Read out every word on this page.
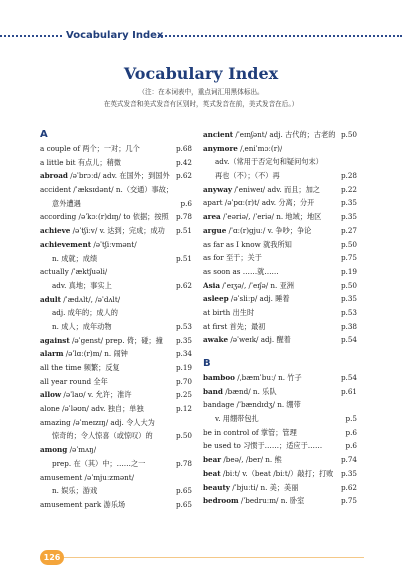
Vocabulary Index
Vocabulary Index
（注：在本词表中，重点词汇用黑体标出。
在英式发音和美式发音有区别时，英式发音在前，美式发音在后。）
A
a couple of 两个；一对；几个	p.68
a little bit 有点儿；稍微	p.42
abroad /əˈbrɔːd/ adv. 在国外；到国外 p.62
accident /ˈæksɪdənt/ n.（交通）事故；
意外遭遇	p.6
according /əˈkɔː(r)dɪŋ/ to 依据；按照 p.78
achieve /əˈtʃiːv/ v. 达到；完成；成功 p.51
achievement /əˈtʃiːvmənt/
n. 成就；成绩	p.51
actually /ˈæktʃuəli/
adv. 真地；事实上	p.62
adult /ˈædʌlt/, /əˈdʌlt/
adj. 成年的；成人的
n. 成人；成年动物	p.53
against /əˈgenst/ prep. 倚；碰；撞 p.35
alarm /əˈlɑː(r)m/ n. 闹钟	p.34
all the time 频繁；反复	p.19
all year round 全年	p.70
allow /əˈlaʊ/ v. 允许；准许	p.25
alone /əˈləʊn/ adv. 独自；单独	p.12
amazing /əˈmeɪzɪŋ/ adj. 令人大为
惊奇的；令人惊喜（或惊叹）的	p.50
among /əˈmʌŋ/
prep. 在（其）中；……之一	p.78
amusement /əˈmjuːzmənt/
n. 娱乐；游戏	p.65
amusement park 游乐场	p.65
ancient /ˈeɪnʃənt/ adj. 古代的；古老的 p.50
anymore /ˌeniˈmɔː(r)/
adv.（常用于否定句和疑问句末）
再也（不）；（不）再	p.28
anyway /ˈeniweɪ/ adv. 而且；加之	p.22
apart /əˈpɑː(r)t/ adv. 分离；分开	p.35
area /ˈeəriə/, /ˈeriə/ n. 地域；地区	p.35
argue /ˈɑː(r)gjuː/ v. 争吵；争论	p.27
as far as I know 就我所知	p.50
as for 至于；关于	p.75
as soon as ……就……	p.19
Asia /ˈeɪʒə/, /ˈeɪʃə/ n. 亚洲	p.50
asleep /əˈsliːp/ adj. 睡着	p.35
at birth 出生时	p.53
at first 首先；最初	p.38
awake /əˈweɪk/ adj. 醒着	p.54
B
bamboo /ˌbæmˈbuː/ n. 竹子	p.54
band /bænd/ n. 乐队	p.61
bandage /ˈbændɪdʒ/ n. 绷带
v. 用绷带包扎	p.5
be in control of 掌管；管理	p.6
be used to 习惯于……；适应于……	p.6
bear /beə/, /ber/ n. 熊	p.74
beat /biːt/ v.（beat /biːt/）敲打；打败 p.35
beauty /ˈbjuːti/ n. 美；美丽	p.62
bedroom /ˈbedruːm/ n. 卧室	p.75
126
